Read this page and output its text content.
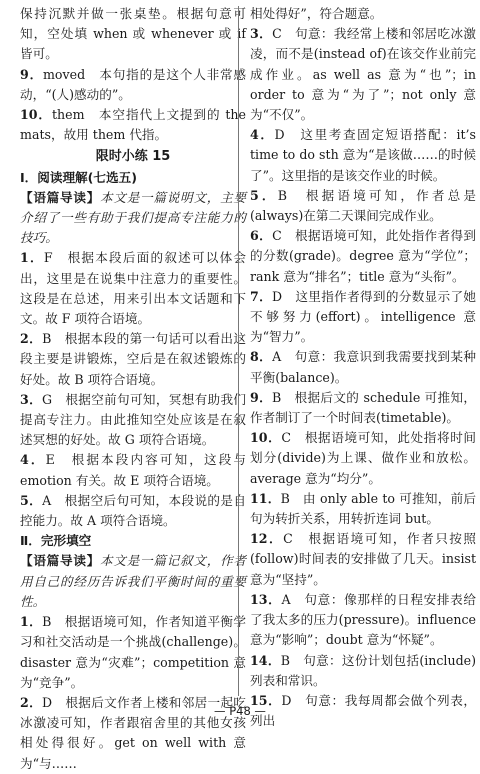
保持沉默并做一张桌垫。根据句意可知，空处填 when 或 whenever 或 if 皆可。

9．moved　本句指的是这个人非常感动，“(人)感动的”。

10．them　本空指代上文提到的 the mats，故用 them 代指。

限时小练 15

Ⅰ．阅读理解(七选五)

【语篇导读】本文是一篇说明文，主要介绍了一些有助于我们提高专注能力的技巧。

1．F　根据本段后面的叙述可以体会出，这里是在说集中注意力的重要性。这段是在总述，用来引出本文话题和下文。故 F 项符合语境。

2．B　根据本段的第一句话可以看出这段主要是讲锻炼，空后是在叙述锻炼的好处。故 B 项符合语境。

3．G　根据空前句可知，冥想有助我们提高专注力。由此推知空处应该是在叙述冥想的好处。故 G 项符合语境。

4．E　根据本段内容可知，这段与 emotion 有关。故 E 项符合语境。

5．A　根据空后句可知，本段说的是自控能力。故 A 项符合语境。

Ⅱ．完形填空

【语篇导读】本文是一篇记叙文，作者用自己的经历告诉我们平衡时间的重要性。

1．B　根据语境可知，作者知道平衡学习和社交活动是一个挑战(challenge)。disaster 意为“灾难”；competition 意为“竞争”。

2．D　根据后文作者上楼和邻居一起吃冰激凌可知，作者跟宿舍里的其他女孩相处得很好。get on well with 意为“与……

相处得好”，符合题意。

3．C　句意：我经常上楼和邻居吃冰激凌，而不是(instead of)在该交作业前完成作业。as well as 意为“也”；in order to 意为“为了”；not only 意为“不仅”。

4．D　这里考查固定短语搭配：it’s time to do sth 意为“是该做……的时候了”。这里指的是该交作业的时候。

5．B　根据语境可知，作者总是(always)在第二天课间完成作业。

6．C　根据语境可知，此处指作者得到的分数(grade)。degree 意为“学位”；rank 意为“排名”；title 意为“头衔”。

7．D　这里指作者得到的分数显示了她不够努力(effort)。intelligence 意为“智力”。

8．A　句意：我意识到我需要找到某种平衡(balance)。

9．B　根据后文的 schedule 可推知，作者制订了一个时间表(timetable)。

10．C　根据语境可知，此处指将时间划分(divide)为上课、做作业和放松。average 意为“均分”。

11．B　由 only able to 可推知，前后句为转折关系，用转折连词 but。

12．C　根据语境可知，作者只按照(follow)时间表的安排做了几天。insist 意为“坚持”。

13．A　句意：像那样的日程安排表给了我太多的压力(pressure)。influence 意为“影响”；doubt 意为“怀疑”。

14．B　句意：这份计划包括(include)列表和常识。

15．D　句意：我每周都会做个列表，列出

— P48 —
